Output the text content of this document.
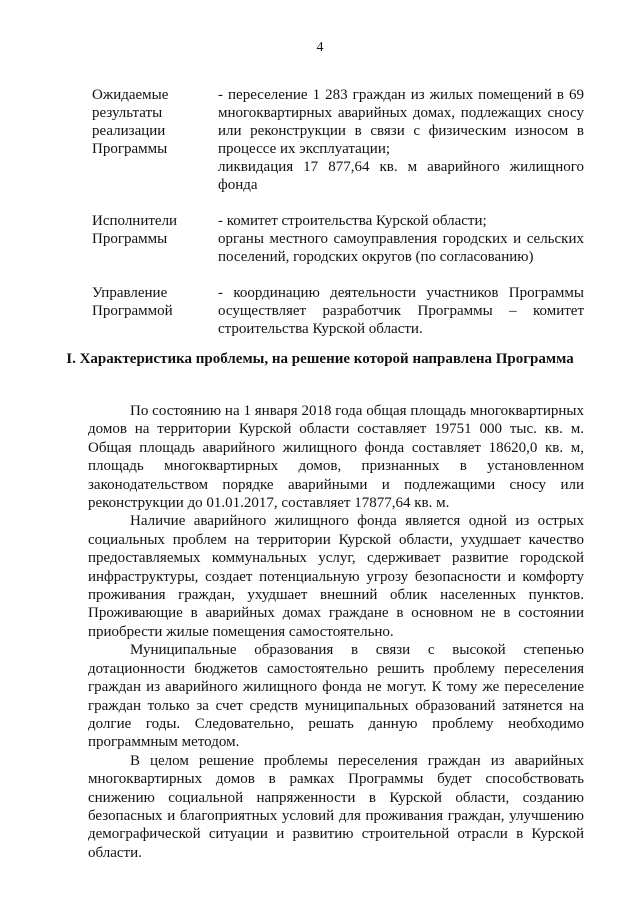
4
Ожидаемые результаты реализации Программы
- переселение 1 283 граждан из жилых помещений в 69 многоквартирных аварийных домах, подлежащих сносу или реконструкции в связи с физическим износом в процессе их эксплуатации;
ликвидация 17 877,64 кв. м аварийного жилищного фонда
Исполнители Программы
- комитет строительства Курской области;
органы местного самоуправления городских и сельских поселений, городских округов (по согласованию)
Управление Программой
- координацию деятельности участников Программы осуществляет разработчик Программы – комитет строительства Курской области.
I. Характеристика проблемы, на решение которой направлена Программа

По состоянию на 1 января 2018 года общая площадь многоквартирных домов на территории Курской области составляет 19751 000 тыс. кв. м. Общая площадь аварийного жилищного фонда составляет 18620,0 кв. м, площадь многоквартирных домов, признанных в установленном законодательством порядке аварийными и подлежащими сносу или реконструкции до 01.01.2017, составляет 17877,64 кв. м.

Наличие аварийного жилищного фонда является одной из острых социальных проблем на территории Курской области, ухудшает качество предоставляемых коммунальных услуг, сдерживает развитие городской инфраструктуры, создает потенциальную угрозу безопасности и комфорту проживания граждан, ухудшает внешний облик населенных пунктов. Проживающие в аварийных домах граждане в основном не в состоянии приобрести жилые помещения самостоятельно.

Муниципальные образования в связи с высокой степенью дотационности бюджетов самостоятельно решить проблему переселения граждан из аварийного жилищного фонда не могут. К тому же переселение граждан только за счет средств муниципальных образований затянется на долгие годы. Следовательно, решать данную проблему необходимо программным методом.

В целом решение проблемы переселения граждан из аварийных многоквартирных домов в рамках Программы будет способствовать снижению социальной напряженности в Курской области, созданию безопасных и благоприятных условий для проживания граждан, улучшению демографической ситуации и развитию строительной отрасли в Курской области.
